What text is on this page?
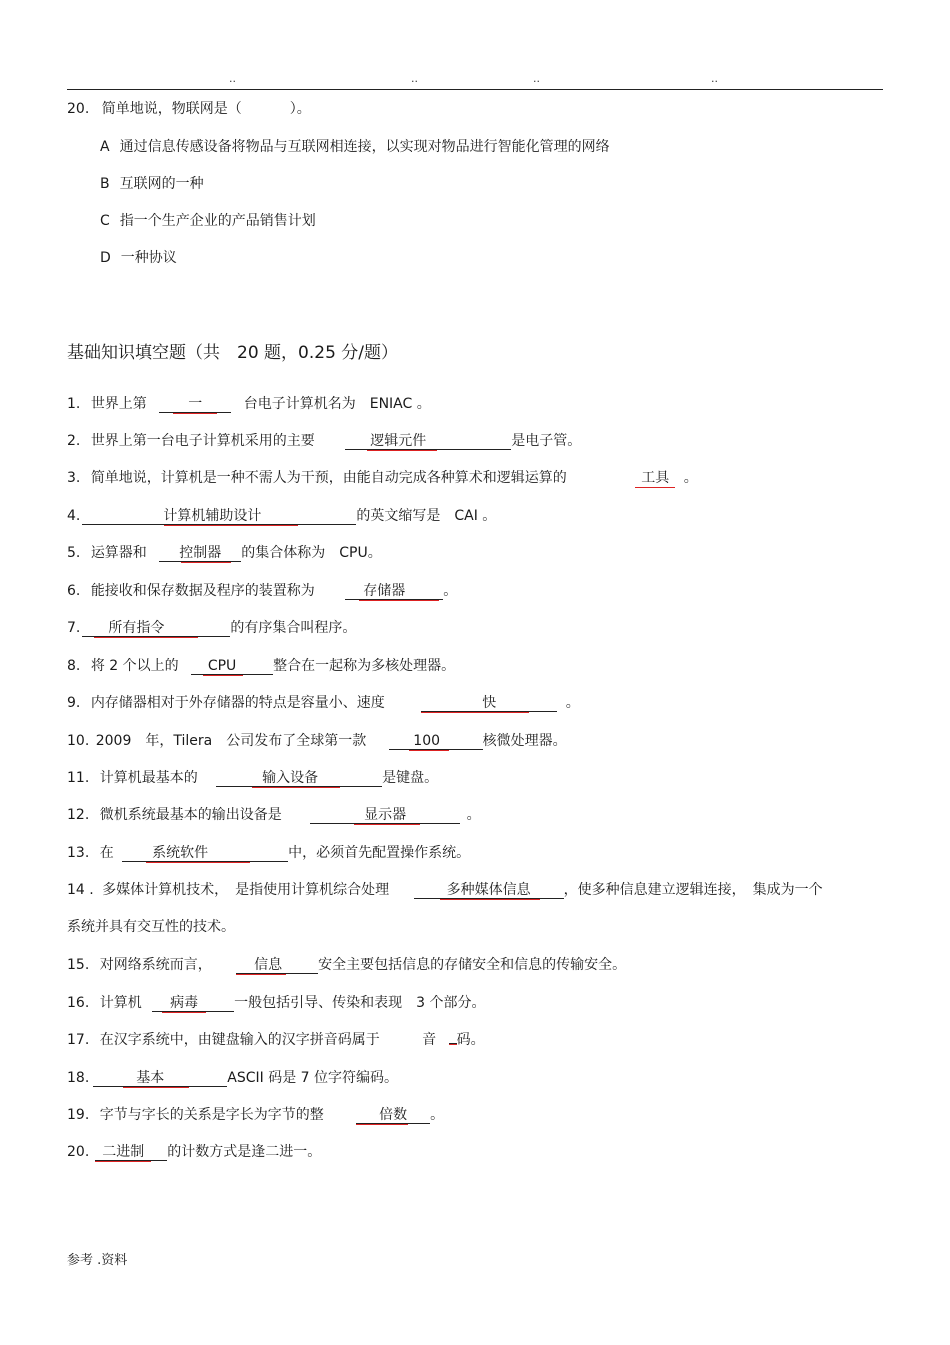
..	..	..	..
20. 简单地说，物联网是（	）。
A 通过信息传感设备将物品与互联网相连接，以实现对物品进行智能化管理的网络
B 互联网的一种
C 指一个生产企业的产品销售计划
D 一种协议
基础知识填空题（共　20 题，0.25 分/题）
1. 世界上第	一	台电子计算机名为　ENIAC 。
2. 世界上第一台电子计算机采用的主要	逻辑元件	是电子管。
3. 简单地说，计算机是一种不需人为干预，由能自动完成各种算术和逻辑运算的	工具 。
4.	计算机辅助设计	的英文缩写是　CAI 。
5. 运算器和 控制器 的集合体称为　CPU。
6. 能接收和保存数据及程序的装置称为	存储器	。
7. 所有指令	的有序集合叫程序。
8. 将 2 个以上的 CPU	整合在一起称为多核处理器。
9. 内存储器相对于外存储器的特点是容量小、速度	快	。
10. 2009　年，Tilera　公司发布了全球第一款	100	核微处理器。
11. 计算机最基本的	输入设备	是键盘。
12. 微机系统最基本的输出设备是	显示器	。
13. 在	系统软件	中，必须首先配置操作系统。
14 . 多媒体计算机技术，　是指使用计算机综合处理	多种媒体信息 ，使多种信息建立逻辑连接，　集成为一个
系统并具有交互性的技术。
15. 对网络系统而言，	信息	安全主要包括信息的存储安全和信息的传输安全。
16. 计算机 病毒	一般包括引导、传染和表现　3 个部分。
17. 在汉字系统中，由键盘输入的汉字拼音码属于	音 码。
18.	基本	ASCII 码是 7 位字符编码。
19. 字节与字长的关系是字长为字节的整	倍数 。
20. 二进制 的计数方式是逢二进一。
参考 .资料
